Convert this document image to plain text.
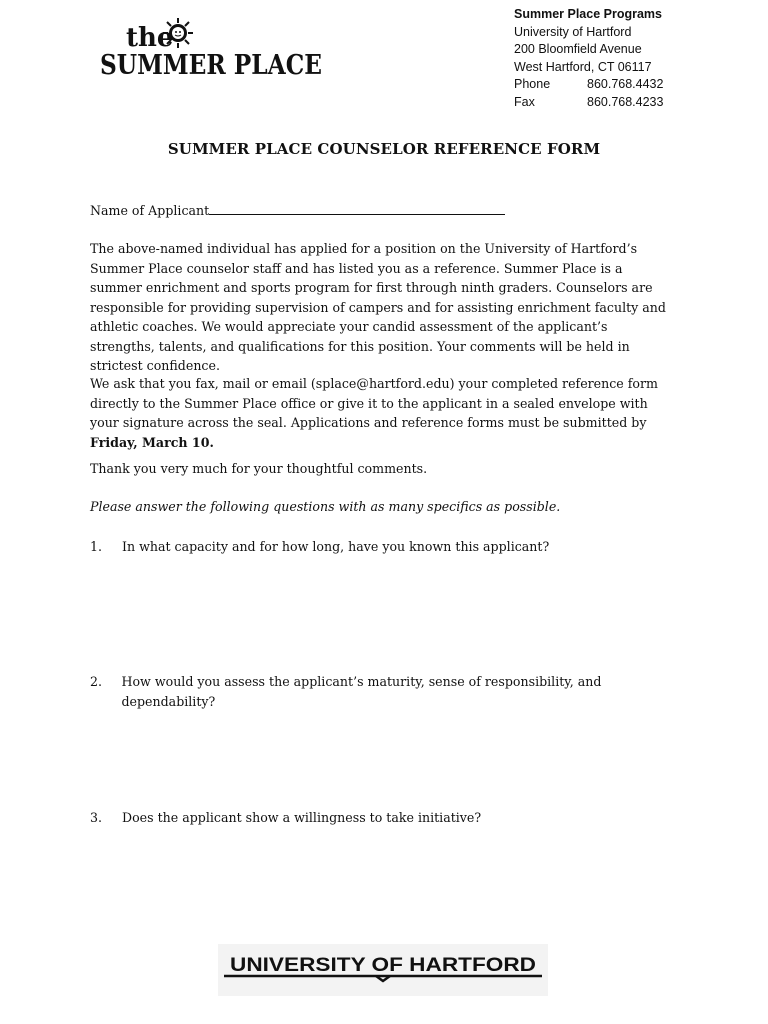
the
SUMMER PLACE
Summer Place Programs
University of Hartford
200 Bloomfield Avenue
West Hartford, CT 06117
Phone	860.768.4432
Fax	860.768.4233
SUMMER PLACE COUNSELOR REFERENCE FORM
Name of Applicant
The above-named individual has applied for a position on the University of Hartford’s Summer Place counselor staff and has listed you as a reference. Summer Place is a summer enrichment and sports program for first through ninth graders. Counselors are responsible for providing supervision of campers and for assisting enrichment faculty and athletic coaches. We would appreciate your candid assessment of the applicant’s strengths, talents, and qualifications for this position. Your comments will be held in strictest confidence.
We ask that you fax, mail or email (splace@hartford.edu) your completed reference form directly to the Summer Place office or give it to the applicant in a sealed envelope with your signature across the seal. Applications and reference forms must be submitted by Friday, March 10.
Thank you very much for your thoughtful comments.
Please answer the following questions with as many specifics as possible.
1.	In what capacity and for how long, have you known this applicant?
2.	How would you assess the applicant’s maturity, sense of responsibility, and dependability?
3.	Does the applicant show a willingness to take initiative?
UNIVERSITY OF HARTFORD
